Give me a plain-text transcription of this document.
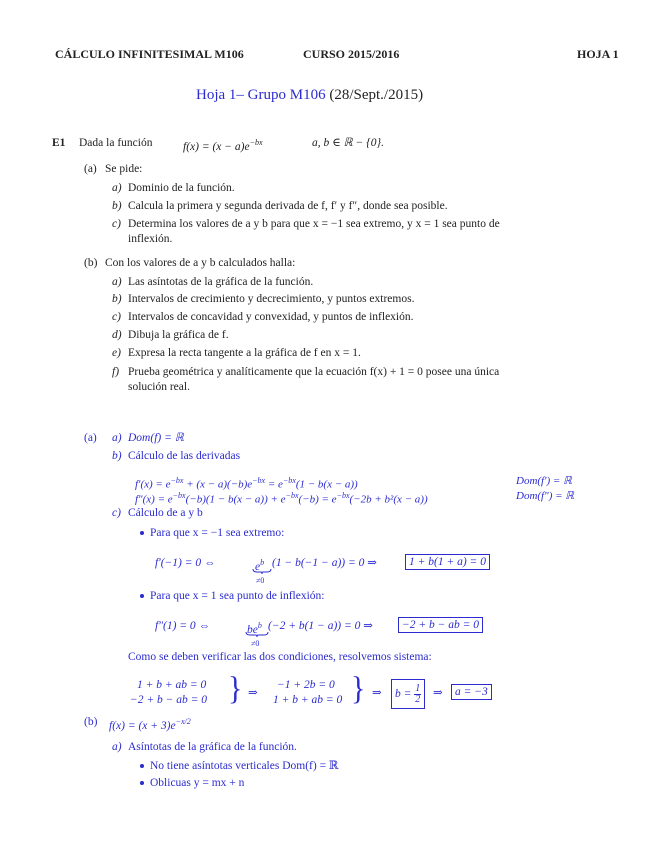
CÁLCULO INFINITESIMAL M106	CURSO 2015/2016	HOJA 1
Hoja 1– Grupo M106 (28/Sept./2015)
E1 Dada la función	$f(x) = (x - a)e^{-bx}$	a, b ∈ ℝ − {0}.
(a) Se pide:
a) Dominio de la función.
b) Calcula la primera y segunda derivada de f, f′ y f″, donde sea posible.
c) Determina los valores de a y b para que x = −1 sea extremo, y x = 1 sea punto de
inflexión.
(b) Con los valores de a y b calculados halla:
a) Las asíntotas de la gráfica de la función.
b) Intervalos de crecimiento y decrecimiento, y puntos extremos.
c) Intervalos de concavidad y convexidad, y puntos de inflexión.
d) Dibuja la gráfica de f.
e) Expresa la recta tangente a la gráfica de f en x = 1.
f) Prueba geométrica y analíticamente que la ecuación f(x) + 1 = 0 posee una única
solución real.
(a) a) Dom(f) = ℝ
b) Cálculo de las derivadas
$f'(x) = e^{-bx} + (x - a)(-b)e^{-bx} = e^{-bx}(1 - b(x - a))$	Dom(f′) = ℝ
$f''(x) = e^{-bx}(-b)(1 - b(x - a)) + e^{-bx}(-b) = e^{-bx}(-2b + b^2(x - a))$	Dom(f″) = ℝ
c) Cálculo de a y b
Para que x = −1 sea extremo:
f′(−1) = 0 ⇔	$e^b$
≠0
(1 − b(−1 − a)) = 0 ⇒	1 + b(1 + a) = 0
Para que x = 1 sea punto de inflexión:
f″(1) = 0 ⇔	$be^b$
≠0
(−2 + b(1 − a)) = 0 ⇒	−2 + b − ab = 0
Como se deben verificar las dos condiciones, resolvemos sistema:
1 + b + ab = 0
−2 + b − ab = 0 } ⇒
−1 + 2b = 0
1 + b + ab = 0 } ⇒	$b = \frac{1}{2}$ ⇒	a = −3
(b) $f(x) = (x + 3)e^{-x/2}$
a) Asíntotas de la gráfica de la función.
No tiene asíntotas verticales Dom(f) = ℝ
Oblicuas y = mx + n
